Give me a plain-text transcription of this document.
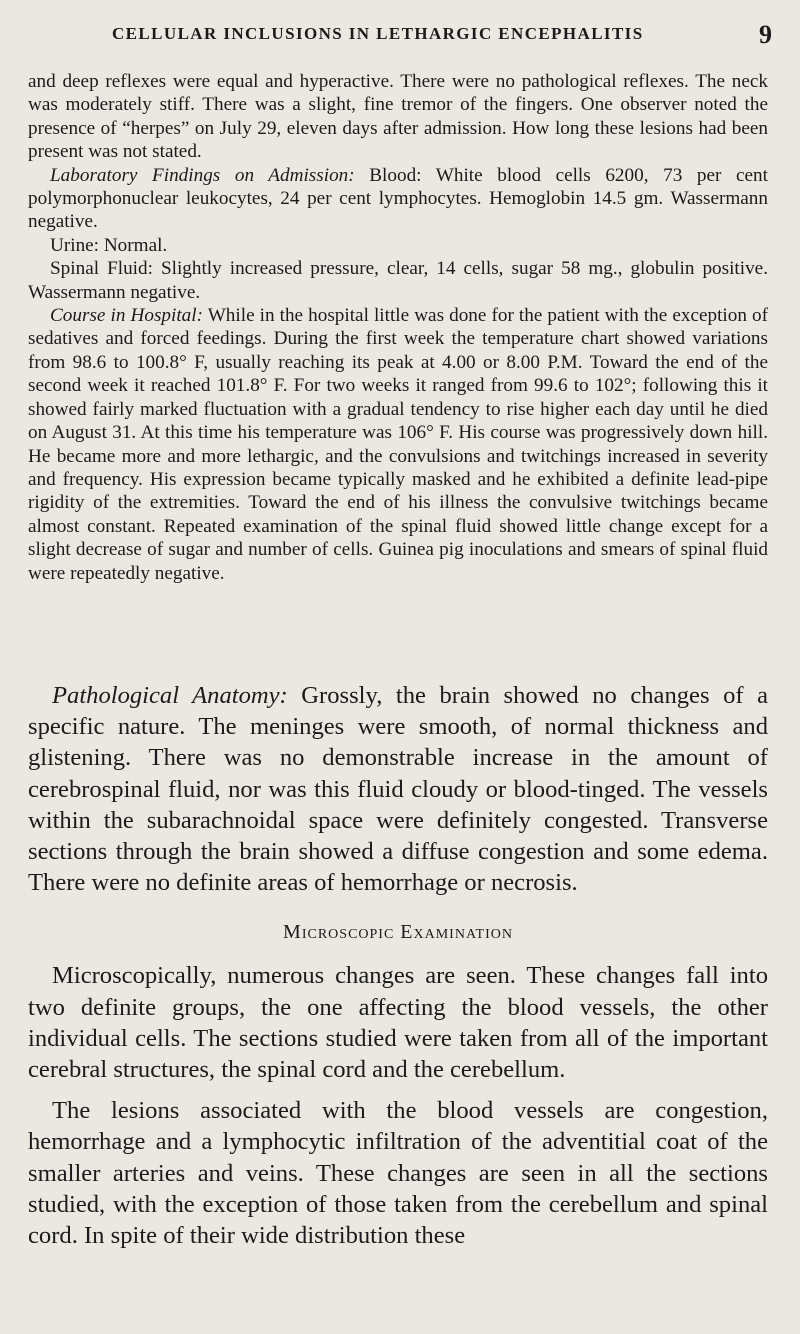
CELLULAR INCLUSIONS IN LETHARGIC ENCEPHALITIS	9

and deep reflexes were equal and hyperactive. There were no pathological reflexes. The neck was moderately stiff. There was a slight, fine tremor of the fingers. One observer noted the presence of “herpes” on July 29, eleven days after admission. How long these lesions had been present was not stated.

Laboratory Findings on Admission: Blood: White blood cells 6200, 73 per cent polymorphonuclear leukocytes, 24 per cent lymphocytes. Hemoglobin 14.5 gm. Wassermann negative.

Urine: Normal.

Spinal Fluid: Slightly increased pressure, clear, 14 cells, sugar 58 mg., globulin positive. Wassermann negative.

Course in Hospital: While in the hospital little was done for the patient with the exception of sedatives and forced feedings. During the first week the temperature chart showed variations from 98.6 to 100.8° F, usually reaching its peak at 4.00 or 8.00 P.M. Toward the end of the second week it reached 101.8° F. For two weeks it ranged from 99.6 to 102°; following this it showed fairly marked fluctuation with a gradual tendency to rise higher each day until he died on August 31. At this time his temperature was 106° F. His course was progressively down hill. He became more and more lethargic, and the convulsions and twitchings increased in severity and frequency. His expression became typically masked and he exhibited a definite lead-pipe rigidity of the extremities. Toward the end of his illness the convulsive twitchings became almost constant. Repeated examination of the spinal fluid showed little change except for a slight decrease of sugar and number of cells. Guinea pig inoculations and smears of spinal fluid were repeatedly negative.

Pathological Anatomy: Grossly, the brain showed no changes of a specific nature. The meninges were smooth, of normal thickness and glistening. There was no demonstrable increase in the amount of cerebrospinal fluid, nor was this fluid cloudy or blood-tinged. The vessels within the subarachnoidal space were definitely congested. Transverse sections through the brain showed a diffuse congestion and some edema. There were no definite areas of hemorrhage or necrosis.

Microscopic Examination

Microscopically, numerous changes are seen. These changes fall into two definite groups, the one affecting the blood vessels, the other individual cells. The sections studied were taken from all of the important cerebral structures, the spinal cord and the cerebellum.

The lesions associated with the blood vessels are congestion, hemorrhage and a lymphocytic infiltration of the adventitial coat of the smaller arteries and veins. These changes are seen in all the sections studied, with the exception of those taken from the cerebellum and spinal cord. In spite of their wide distribution these
